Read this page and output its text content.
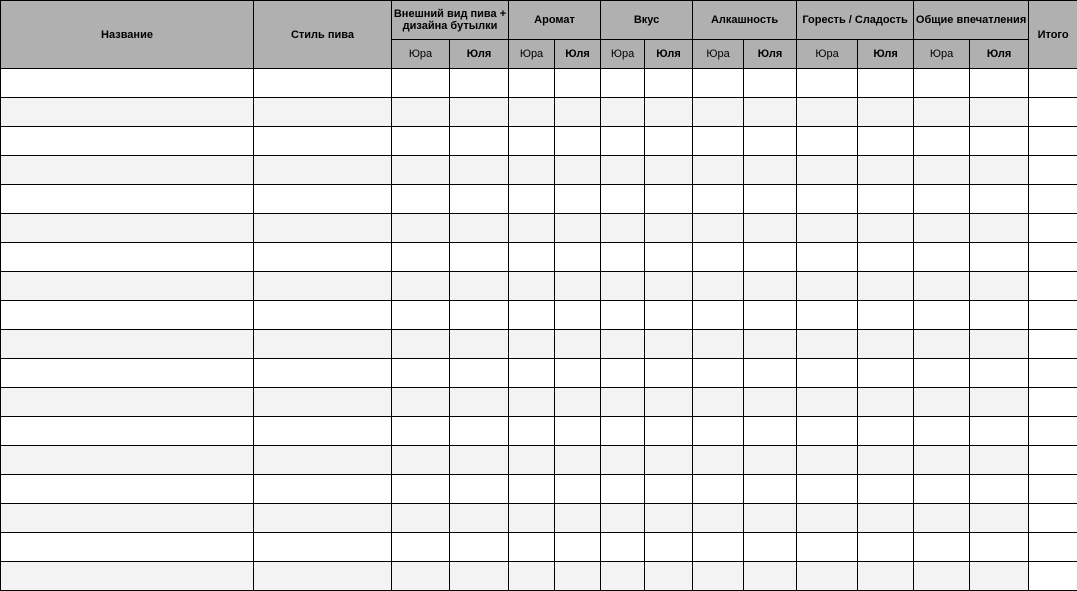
Название	Стиль пива	Внешний вид пива + дизайна бутылки		Аромат		Вкус		Алкашность		Горесть / Сладость		Общие впечатления		Итого
		Юра	Юля	Юра	Юля	Юра	Юля	Юра	Юля	Юра	Юля	Юра	Юля	
